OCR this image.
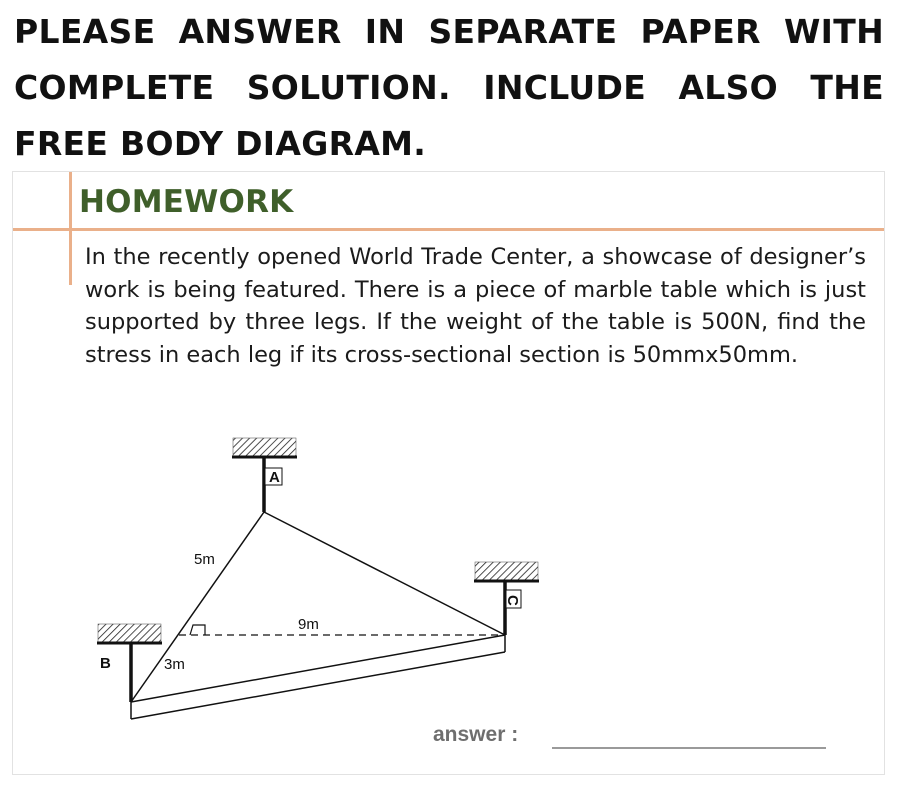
PLEASE ANSWER IN SEPARATE PAPER WITH COMPLETE SOLUTION. INCLUDE ALSO THE FREE BODY DIAGRAM.
HOMEWORK
In the recently opened World Trade Center, a showcase of designer’s work is being featured. There is a piece of marble table which is just supported by three legs. If the weight of the table is 500N, find the stress in each leg if its cross-sectional section is 50mmx50mm.
A
B
C
5m
9m
3m
answer :
